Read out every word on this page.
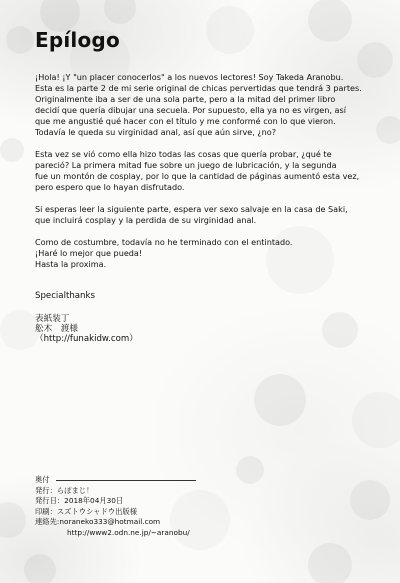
Epílogo
¡Hola! ¡Y "un placer conocerlos" a los nuevos lectores! Soy Takeda Aranobu.
Esta es la parte 2 de mi serie original de chicas pervertidas que tendrá 3 partes.
Originalmente iba a ser de una sola parte, pero a la mitad del primer libro
decidí que quería dibujar una secuela. Por supuesto, ella ya no es virgen, así
que me angustié qué hacer con el título y me conformé con lo que vieron.
Todavía le queda su virginidad anal, así que aún sirve, ¿no?
Esta vez se vió como ella hizo todas las cosas que quería probar, ¿qué te
pareció? La primera mitad fue sobre un juego de lubricación, y la segunda
fue un montón de cosplay, por lo que la cantidad de páginas aumentó esta vez,
pero espero que lo hayan disfrutado.
Si esperas leer la siguiente parte, espera ver sexo salvaje en la casa de Saki,
que incluirá cosplay y la perdida de su virginidad anal.
Como de costumbre, todavía no he terminado con el entintado.
¡Haré lo mejor que pueda!
Hasta la proxima.
Specialthanks
表紙装丁
舩木　渡様
（http://funakidw.com）
奥付
発行：らぽまじ！
発行日：2018年04月30日
印刷：スズトウシャドウ出版様
連絡先:noraneko333@hotmail.com
http://www2.odn.ne.jp/~aranobu/
